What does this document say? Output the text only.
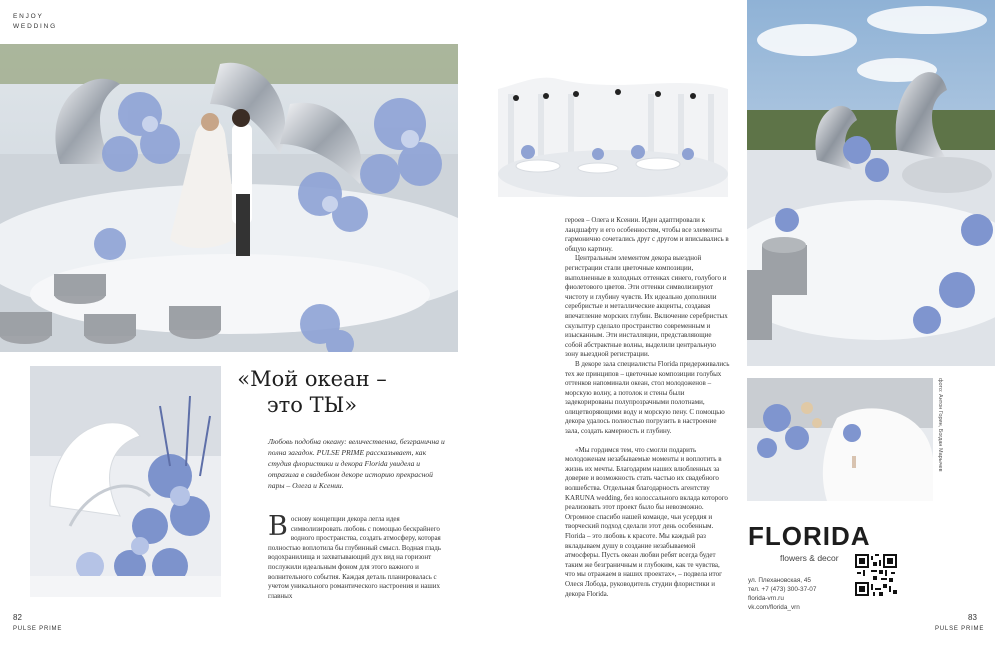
ENJOY
WEDDING
«Мой океан –
это ТЫ»
Любовь подобна океану: величественна, безгранична и полна загадок. PULSE PRIME рассказывает, как студия флористики и декора Florida увидела и отразила в свадебном декоре историю прекрасной пары – Олега и Ксении.
В основу концепции декора легла идея символизировать любовь с помощью бескрайнего водного пространства, создать атмосферу, которая полностью воплотила бы глубинный смысл. Водная гладь водохранилища и захватывающий дух вид на горизонт послужили идеальным фоном для этого важного и волнительного события. Каждая деталь планировалась с учетом уникального романтического настроения и наших главных

героев – Олега и Ксении. Идеи адаптировали к ландшафту и его особенностям, чтобы все элементы гармонично сочетались друг с другом и вписывались в общую картину.

Центральным элементом декора выездной регистрации стали цветочные композиции, выполненные в холодных оттенках синего, голубого и фиолетового цветов. Эти оттенки символизируют чистоту и глубину чувств. Их идеально дополнили серебристые и металлические акценты, создавая впечатление морских глубин. Включение серебристых скульптур сделало пространство современным и изысканным. Эти инсталляции, представляющие собой абстрактные волны, выделили центральную зону выездной регистрации.

В декоре зала специалисты Florida придерживались тех же принципов – цветочные композиции голубых оттенков напоминали океан, стол молодоженов – морскую волну, а потолок и стены были задекорированы полупрозрачными полотнами, олицетворяющими воду и морскую пену. С помощью декора удалось полностью погрузить в настроение зала, создать камерность и глубину.

«Мы гордимся тем, что смогли подарить молодоженам незабываемые моменты и воплотить в жизнь их мечты. Благодарим наших влюбленных за доверие и возможность стать частью их свадебного волшебства. Отдельная благодарность агентству KARUNA wedding, без колоссального вклада которого реализовать этот проект было бы невозможно. Огромное спасибо нашей команде, чьи усердия и творческий подход сделали этот день особенным. Florida – это любовь к красоте. Мы каждый раз вкладываем душу в создание незабываемой атмосферы. Пусть океан любви ребят всегда будет таким же безграничным и глубоким, как те чувства, что мы отражаем в наших проектах», – подвела итог Олеся Лобода, руководитель студии флористики и декора Florida.

фото: Антон Горин, Богдан Марычев
FLORIDA
flowers & decor
ул. Плехановская, 45
тел. +7 (473) 300-37-07
florida-vrn.ru
vk.com/florida_vrn
82
PULSE PRIME
83
PULSE PRIME
